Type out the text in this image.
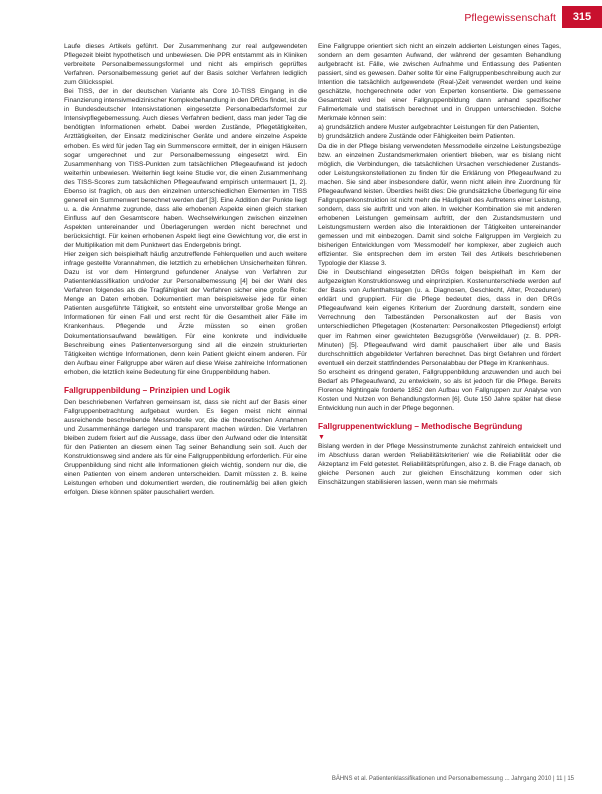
Pflegewissenschaft	315

Laufe dieses Artikels geführt. Der Zusammenhang zur real aufgewendeten Pflegezeit bleibt hypothetisch und unbewiesen. Die PPR entstammt als in Kliniken verbreitete Personalbemessungsformel und nicht als empirisch geprüftes Verfahren. Personalbemessung geriet auf der Basis solcher Verfahren lediglich zum Glücksspiel.

Bei TISS, der in der deutschen Variante als Core 10-TISS Eingang in die Finanzierung intensivmedizinischer Komplexbehandlung in den DRGs findet, ist die in Bundesdeutscher Intensivstationen eingesetzte Personalbedarfsformel zur Intensivpflegebemessung. Auch dieses Verfahren bedient, dass man jeder Tag die benötigten Informationen erhebt. Dabei werden Zustände, Pflegetätigkeiten, Arzttätigkeiten, der Einsatz medizinischer Geräte und andere einzelne Aspekte erhoben. Es wird für jeden Tag ein Summenscore ermittelt, der in einigen Häusern sogar umgerechnet und zur Personalbemessung eingesetzt wird. Ein Zusammenhang von TISS-Punkten zum tatsächlichen Pflegeaufwand ist jedoch weiterhin unbewiesen. Weiterhin liegt keine Studie vor, die einen Zusammenhang des TISS-Scores zum tatsächlichen Pflegeaufwand empirisch untermauert [1, 2]. Ebenso ist fraglich, ob aus den einzelnen unterschiedlichen Elementen im TISS generell ein Summenwert berechnet werden darf [3]. Eine Addition der Punkte liegt u. a. die Annahme zugrunde, dass alle erhobenen Aspekte einen gleich starken Einfluss auf den Gesamtscore haben. Wechselwirkungen zwischen einzelnen Aspekten untereinander und Überlagerungen werden nicht berechnet und berücksichtigt. Für keinen erhobenen Aspekt liegt eine Gewichtung vor, die erst in der Multiplikation mit dem Punktwert das Endergebnis bringt.

Hier zeigen sich beispielhaft häufig anzutreffende Fehlerquellen und auch weitere infrage gestellte Vorannahmen, die letztlich zu erheblichen Unsicherheiten führen. Dazu ist vor dem Hintergrund gefundener Analyse von Verfahren zur Patientenklassifikation und/oder zur Personalbemessung [4] bei der Wahl des Verfahren folgendes als die Tragfähigkeit der Verfahren sicher eine große Rolle: Menge an Daten erhoben. Dokumentiert man beispielsweise jede für einen Patienten ausgeführte Tätigkeit, so entsteht eine unvorstellbar große Menge an Informationen für einen Fall und erst recht für die Gesamtheit aller Fälle im Krankenhaus. Pflegende und Ärzte müssten so einen großen Dokumentationsaufwand bewältigen. Für eine konkrete und individuelle Beschreibung eines Patientenversorgung sind all die einzeln strukturierten Tätigkeiten wichtige Informationen, denn kein Patient gleicht einem anderen. Für den Aufbau einer Fallgruppe aber wären auf diese Weise zahlreiche Informationen erhoben, die letztlich keine Bedeutung für eine Gruppenbildung haben.

Fallgruppenbildung – Prinzipien und Logik

Den beschriebenen Verfahren gemeinsam ist, dass sie nicht auf der Basis einer Fallgruppenbetrachtung aufgebaut wurden. Es liegen meist nicht einmal ausreichende beschreibende Messmodelle vor, die die theoretischen Annahmen und Zusammenhänge darlegen und transparent machen würden. Die Verfahren bleiben zudem fixiert auf die Aussage, dass über den Aufwand oder die Intensität für den Patienten an diesem einen Tag seiner Behandlung sein soll. Auch der Konstruktionsweg sind andere als für eine Fallgruppenbildung erforderlich. Für eine Gruppenbildung sind nicht alle Informationen gleich wichtig, sondern nur die, die einen Patienten von einem anderen unterscheiden. Damit müssten z. B. keine Leistungen erhoben und dokumentiert werden, die routinemäßig bei allen gleich erfolgen. Diese können später pauschaliert werden.

Eine Fallgruppe orientiert sich nicht an einzeln addierten Leistungen eines Tages, sondern an dem gesamten Aufwand, der während der gesamten Behandlung aufgebracht ist. Fälle, wie zwischen Aufnahme und Entlassung des Patienten passiert, sind es gewesen. Daher sollte für eine Fallgruppenbeschreibung auch zur Intention die tatsächlich aufgewendete (Real-)Zeit verwendet werden und keine geschätzte, hochgerechnete oder von Experten konsentierte. Die gemessene Gesamtzeit wird bei einer Fallgruppenbildung dann anhand spezifischer Fallmerkmale und statistisch berechnet und in Gruppen unterschieden. Solche Merkmale können sein:

a) grundsätzlich andere Muster aufgebrachter Leistungen für den Patienten,
b) grundsätzlich andere Zustände oder Fähigkeiten beim Patienten.

Da die in der Pflege bislang verwendeten Messmodelle einzelne Leistungsbezüge bzw. an einzelnen Zustandsmerkmalen orientiert blieben, war es bislang nicht möglich, die Verbindungen, die tatsächlichen Ursachen verschiedener Zustands- oder Leistungskonstellationen zu finden für die Erklärung von Pflegeaufwand zu machen. Sie sind aber insbesondere dafür, wenn nicht allein ihre Zuordnung für Pflegeaufwand leisten. Überdies heißt dies: Die grundsätzliche Überlegung für eine Fallgruppenkonstruktion ist nicht mehr die Häufigkeit des Auftretens einer Leistung, sondern, dass sie auftritt und von allen. In welcher Kombination sie mit anderen erhobenen Leistungen gemeinsam auftritt, der den Zustandsmustern und Leistungsmustern werden also die Interaktionen der Tätigkeiten untereinander gemessen und mit einbezogen. Damit sind solche Fallgruppen im Vergleich zu bisherigen Entwicklungen vom 'Messmodell' her komplexer, aber zugleich auch effizienter. Sie entsprechen dem im ersten Teil des Artikels beschriebenen Typologie der Klasse 3.

Die in Deutschland eingesetzten DRGs folgen beispielhaft im Kern der aufgezeigten Konstruktionsweg und einprinzipien. Kostenunterschiede werden auf der Basis von Aufenthaltstagen (u. a. Diagnosen, Geschlecht, Alter, Prozeduren) erklärt und gruppiert. Für die Pflege bedeutet dies, dass in den DRGs Pflegeaufwand kein eigenes Kriterium der Zuordnung darstellt, sondern eine Verrechnung den Tatbeständen Personalkosten auf der Basis von unterschiedlichen Pflegetagen (Kostenarten: Personalkosten Pflegedienst) erfolgt quer im Rahmen einer gewichteten Bezugsgröße (Verweildauer) (z. B. PPR-Minuten) [5]. Pflegeaufwand wird damit pauschaliert über alle und Basis durchschnittlich abgebildeter Verfahren berechnet. Das birgt Gefahren und fördert eventuell ein derzeit stattfindendes Personalabbau der Pflege im Krankenhaus.

So erscheint es dringend geraten, Fallgruppenbildung anzuwenden und auch bei Bedarf als Pflegeaufwand, zu entwickeln, so als ist jedoch für die Pflege. Bereits Florence Nightingale forderte 1852 den Aufbau von Fallgruppen zur Analyse von Kosten und Nutzen von Behandlungsformen [6]. Gute 150 Jahre später hat diese Entwicklung nun auch in der Pflege begonnen.

Fallgruppenentwicklung – Methodische Begründung
▼

Bislang werden in der Pflege Messinstrumente zunächst zahlreich entwickelt und im Abschluss daran werden 'Reliabilitätskriterien' wie die Reliabilität oder die Akzeptanz im Feld getestet. Reliabilitätsprüfungen, also z. B. die Frage danach, ob gleiche Personen auch zur gleichen Einschätzung kommen oder sich Einschätzungen stabilisieren lassen, wenn man sie mehrmals

BÄHNS et al. Patientenklassifikationen und Personalbemessung ... Jahrgang 2010 | 11 | 15
